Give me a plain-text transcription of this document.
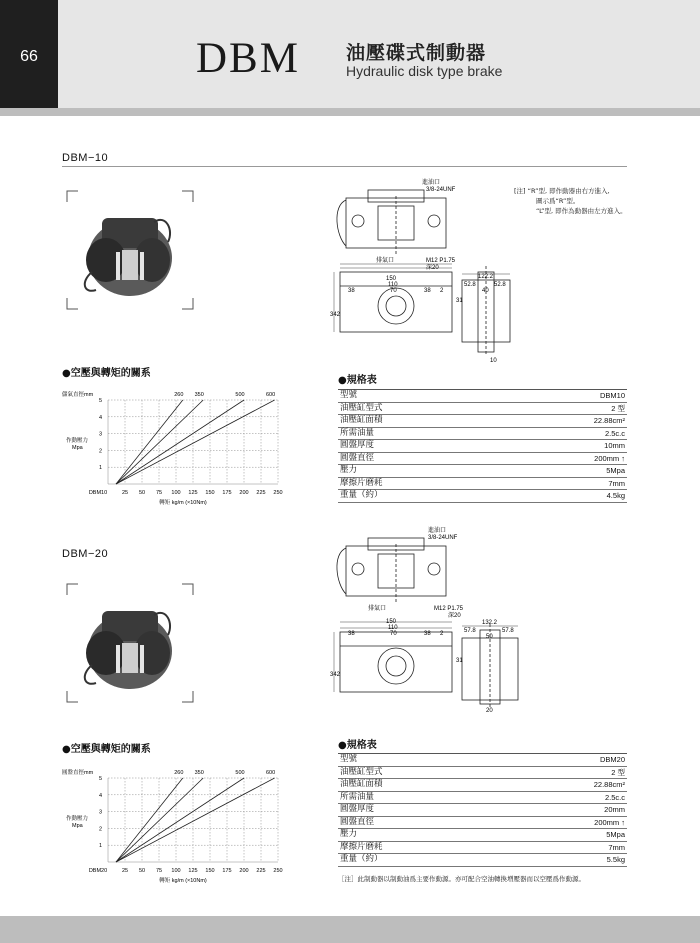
66	DBM 油壓碟式制動器
Hydraulic disk type brake
DBM−10
進油口
3/8-24UNF
排氣口	M12 P1.75
深20
150
110
70	38 2
38
122.2
52.8	52.8
40
342
31
10
[注] “R”型, 即作動器由右方進入,
圖示爲“R”型。
“L”型, 即作為動器由左方進入。
●空壓與轉矩的關系
儲氣直徑mm
作動壓力
Mpa
5
4
3
2
1
DBM10	25 50 75 100 125 150 175 200 225 250
轉矩 kg/m (×10Nm)
260 350	500	600
●規格表
型號	DBM10
油壓缸型式	2 型
油壓缸面積	22.88cm²
所需油量	2.5c.c
圓盤厚度	10mm
圓盤直徑	200mm ↑
壓力	5Mpa
摩擦片磨耗	7mm
重量（約）	4.5kg
DBM−20
進油口
3/8-24UNF
排氣口	M12 P1.75
深20
150
110
70	38 2
38
132.2
57.8	57.8
50
342
31
20
●空壓與轉矩的關系
圓盤直徑mm
作動壓力
Mpa
5
4
3
2
1
DBM20	25 50 75 100 125 150 175 200 225 250
轉矩 kg/m (×10Nm)
260 350	500	600
●規格表
型號	DBM20
油壓缸型式	2 型
油壓缸面積	22.88cm²
所需油量	2.5c.c
圓盤厚度	20mm
圓盤直徑	200mm ↑
壓力	5Mpa
摩擦片磨耗	7mm
重量（約）	5.5kg
［注］此制動器以制動油爲主要作動源。亦可配合空油轉換増壓器而以空壓爲作動源。
